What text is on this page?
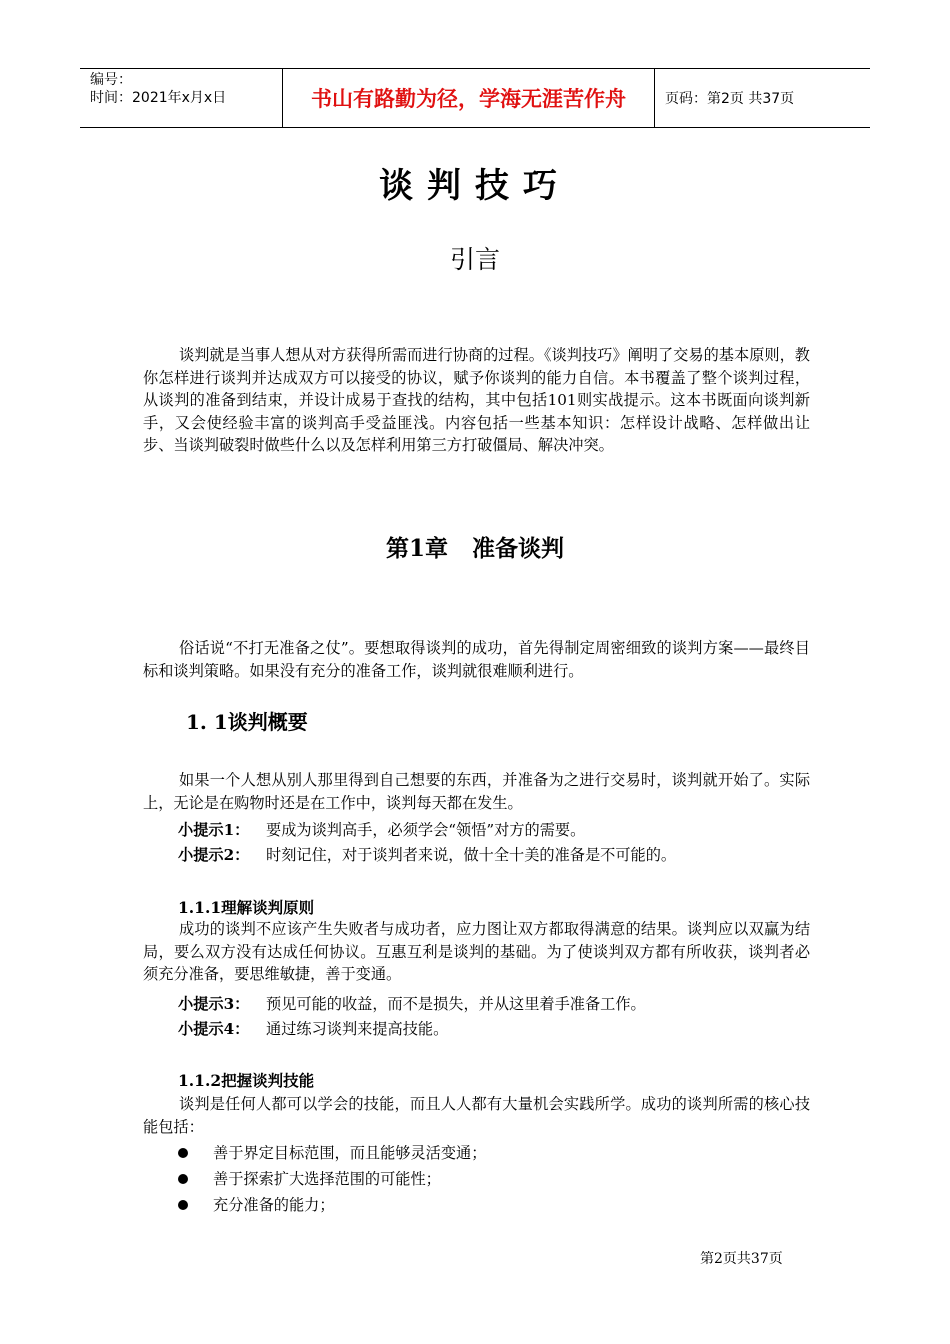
编号：
时间：2021年x月x日	书山有路勤为径，学海无涯苦作舟	页码：第2页 共37页
谈判技巧
引言

谈判就是当事人想从对方获得所需而进行协商的过程。《谈判技巧》阐明了交易的基本原则，教你怎样进行谈判并达成双方可以接受的协议，赋予你谈判的能力自信。本书覆盖了整个谈判过程，从谈判的准备到结束，并设计成易于查找的结构，其中包括101则实战提示。这本书既面向谈判新手，又会使经验丰富的谈判高手受益匪浅。内容包括一些基本知识：怎样设计战略、怎样做出让步、当谈判破裂时做些什么以及怎样利用第三方打破僵局、解决冲突。

第1章 准备谈判

俗话说“不打无准备之仗”。要想取得谈判的成功，首先得制定周密细致的谈判方案——最终目标和谈判策略。如果没有充分的准备工作，谈判就很难顺利进行。

1. 1谈判概要

如果一个人想从别人那里得到自己想要的东西，并准备为之进行交易时，谈判就开始了。实际上，无论是在购物时还是在工作中，谈判每天都在发生。

小提示1： 要成为谈判高手，必须学会“领悟”对方的需要。
小提示2： 时刻记住，对于谈判者来说，做十全十美的准备是不可能的。
1.1.1理解谈判原则

成功的谈判不应该产生失败者与成功者，应力图让双方都取得满意的结果。谈判应以双赢为结局，要么双方没有达成任何协议。互惠互利是谈判的基础。为了使谈判双方都有所收获，谈判者必须充分准备，要思维敏捷，善于变通。

小提示3： 预见可能的收益，而不是损失，并从这里着手准备工作。
小提示4： 通过练习谈判来提高技能。
1.1.2把握谈判技能

谈判是任何人都可以学会的技能，而且人人都有大量机会实践所学。成功的谈判所需的核心技能包括：

善于界定目标范围，而且能够灵活变通；
善于探索扩大选择范围的可能性；
充分准备的能力；
第2页共37页
